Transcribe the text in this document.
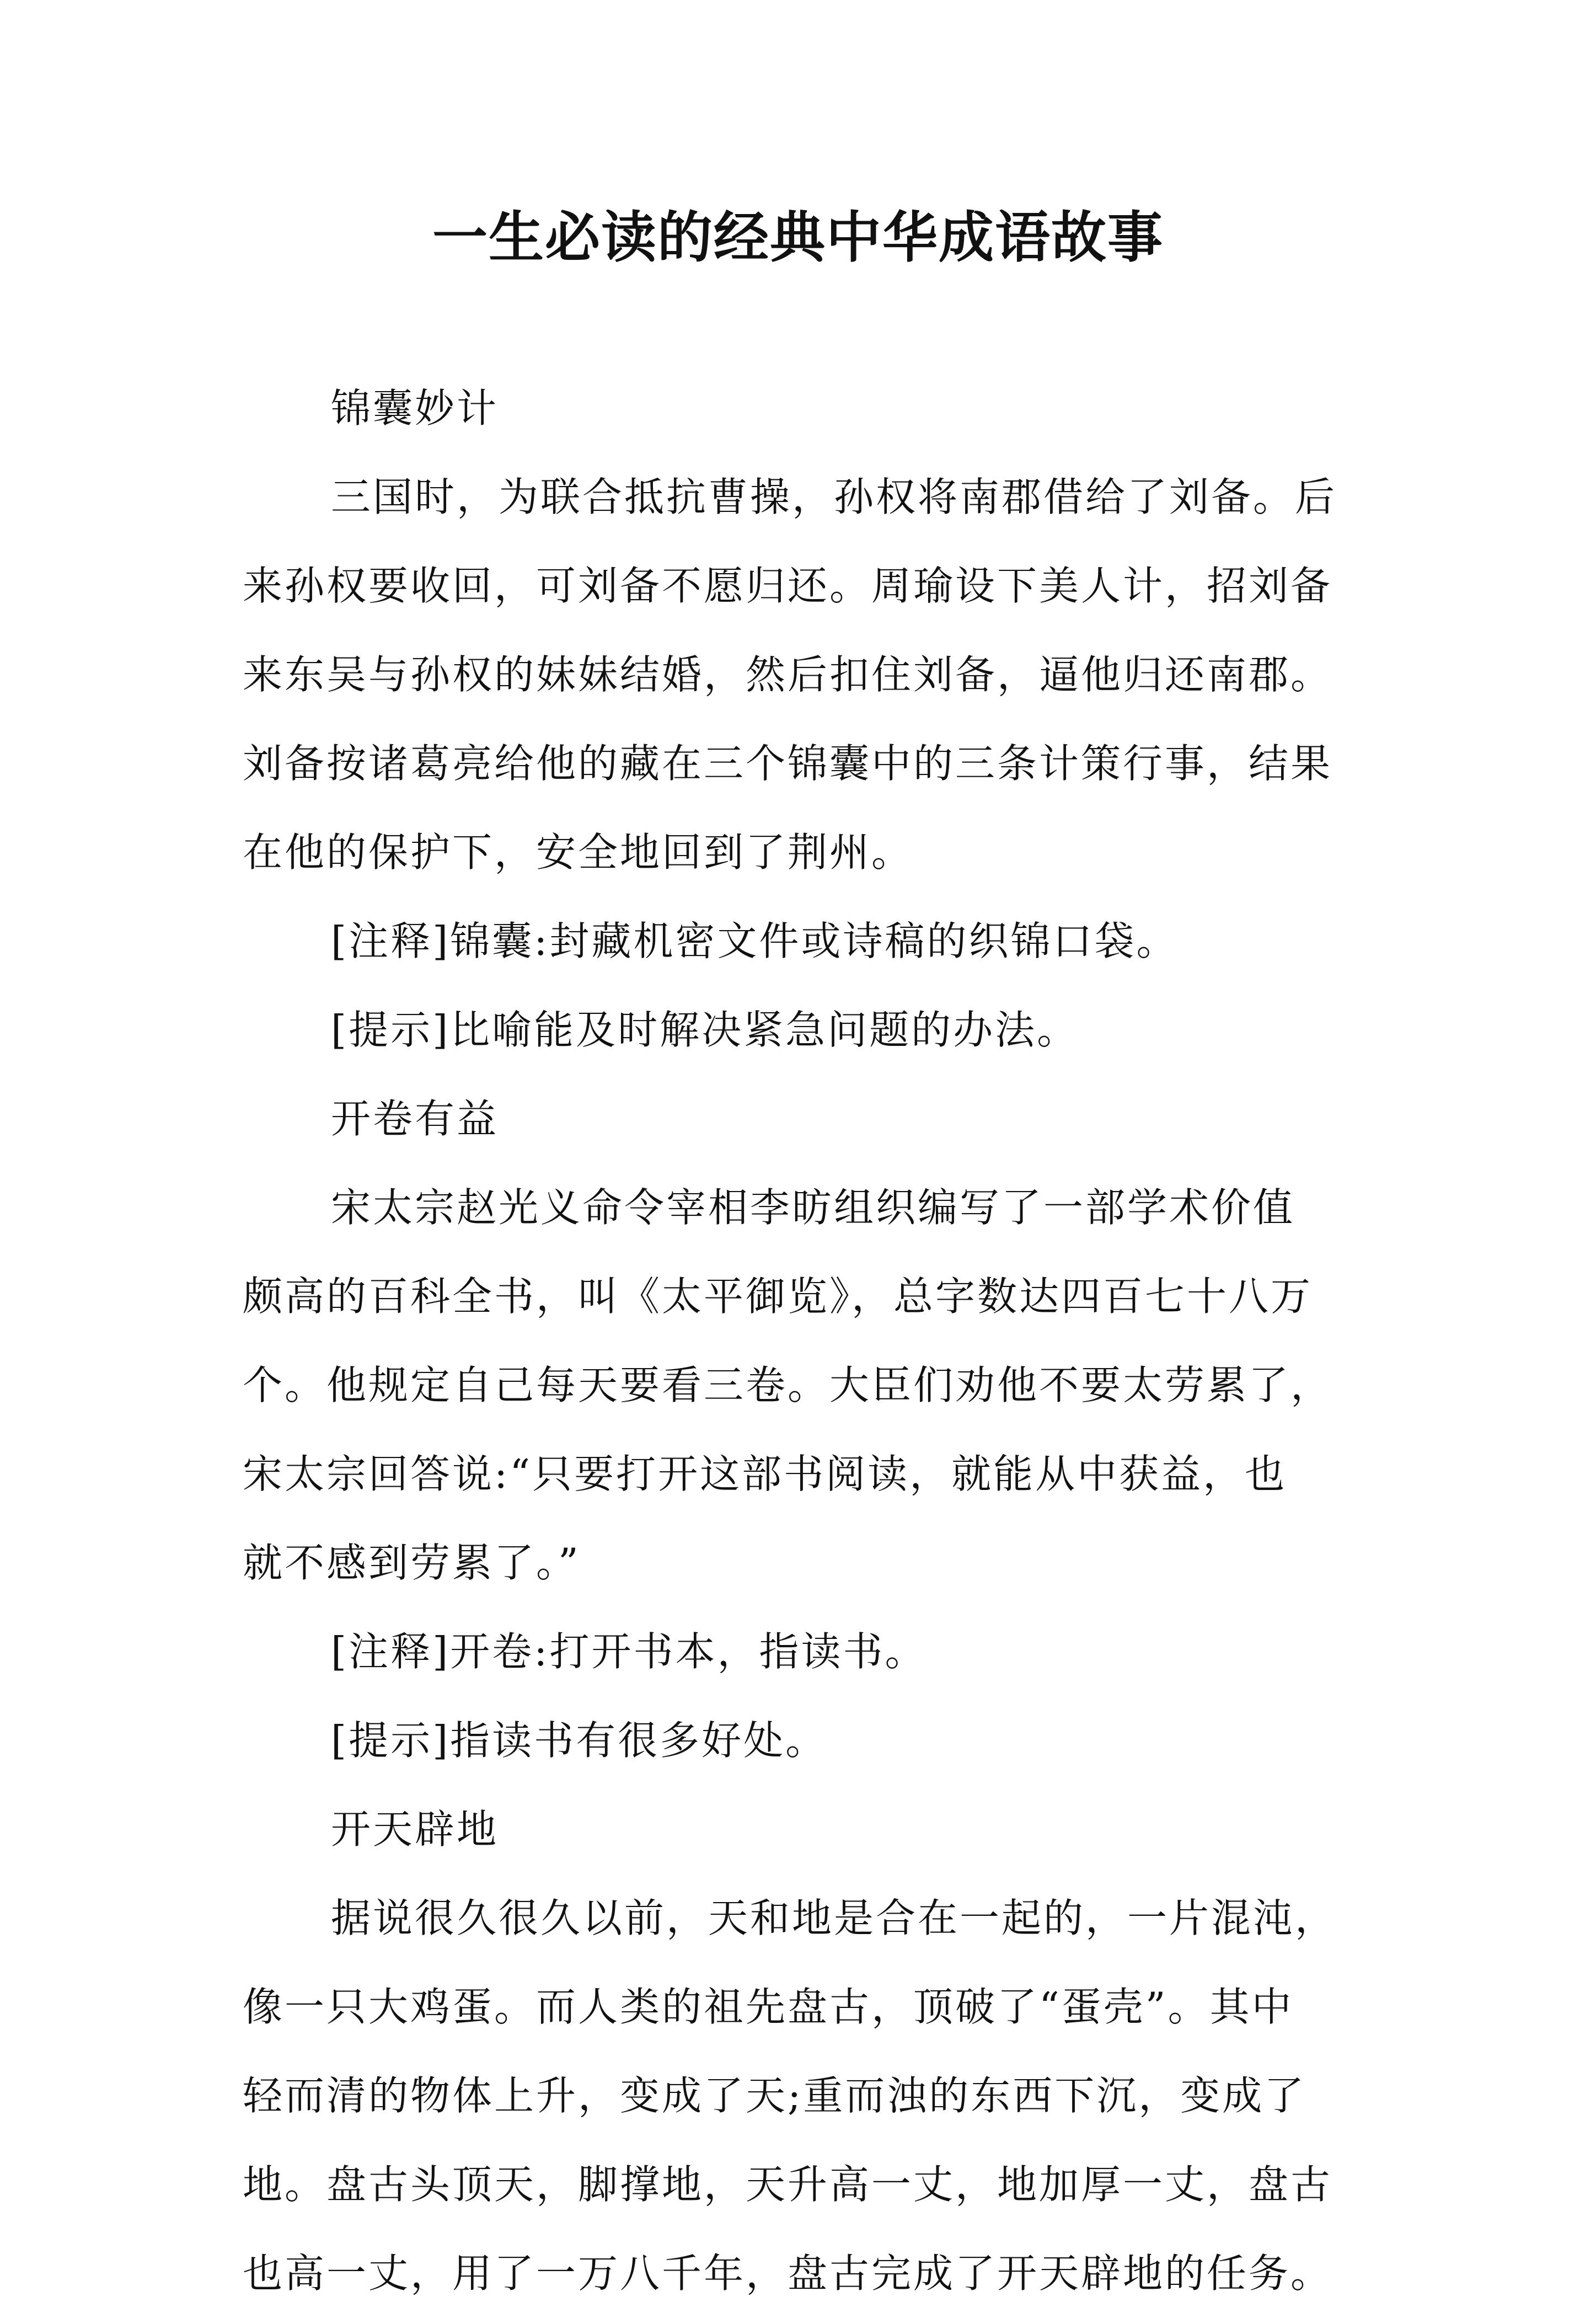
一生必读的经典中华成语故事
锦囊妙计
三国时，为联合抵抗曹操，孙权将南郡借给了刘备。后
来孙权要收回，可刘备不愿归还。周瑜设下美人计，招刘备
来东吴与孙权的妹妹结婚，然后扣住刘备，逼他归还南郡。
刘备按诸葛亮给他的藏在三个锦囊中的三条计策行事，结果
在他的保护下，安全地回到了荆州。
[注释]锦囊:封藏机密文件或诗稿的织锦口袋。
[提示]比喻能及时解决紧急问题的办法。
开卷有益
宋太宗赵光义命令宰相李昉组织编写了一部学术价值
颇高的百科全书，叫《太平御览》，总字数达四百七十八万
个。他规定自己每天要看三卷。大臣们劝他不要太劳累了，
宋太宗回答说:“只要打开这部书阅读，就能从中获益，也
就不感到劳累了。”
[注释]开卷:打开书本，指读书。
[提示]指读书有很多好处。
开天辟地
据说很久很久以前，天和地是合在一起的，一片混沌，
像一只大鸡蛋。而人类的祖先盘古，顶破了“蛋壳”。其中
轻而清的物体上升，变成了天;重而浊的东西下沉，变成了
地。盘古头顶天，脚撑地，天升高一丈，地加厚一丈，盘古
也高一丈，用了一万八千年，盘古完成了开天辟地的任务。
